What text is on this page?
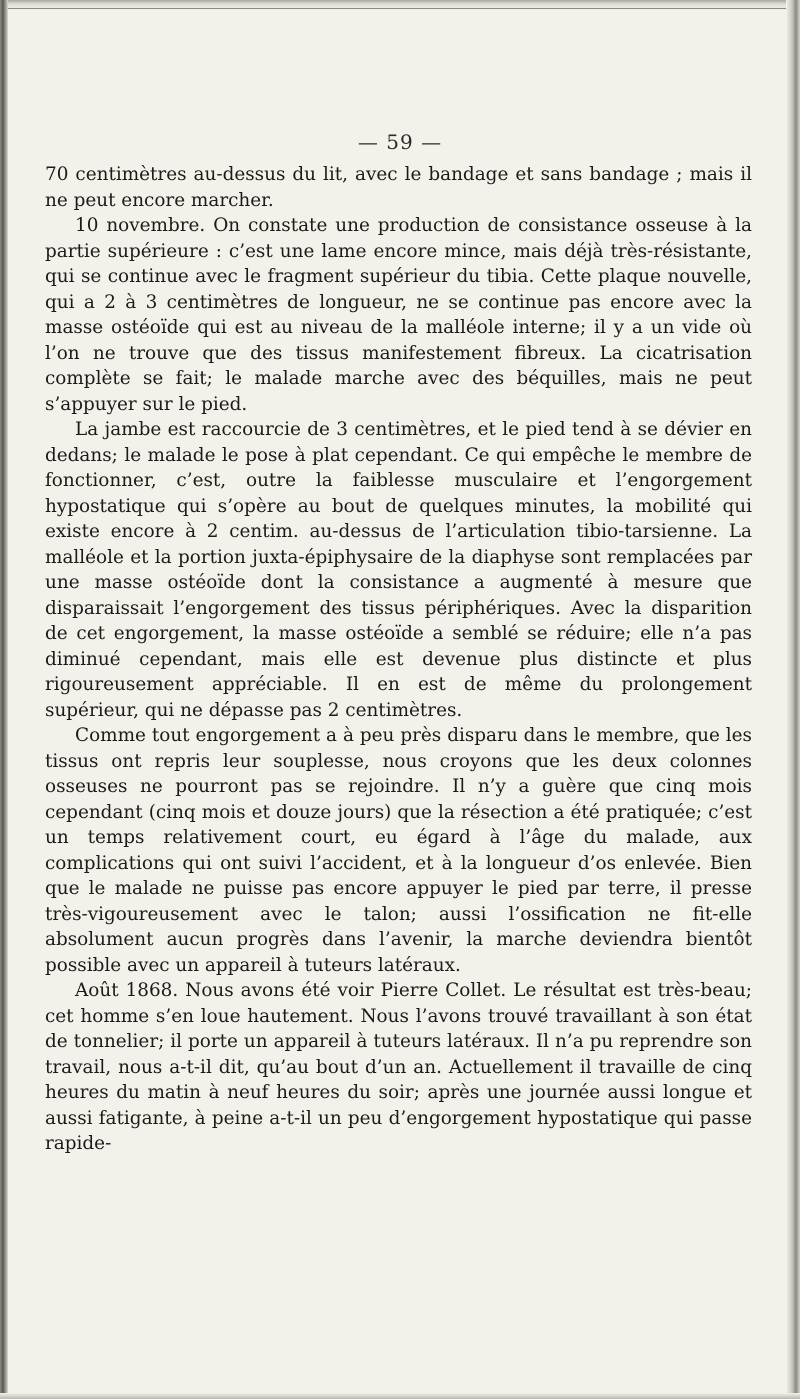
— 59 —

70 centimètres au-dessus du lit, avec le bandage et sans bandage ; mais il ne peut encore marcher.

10 novembre. On constate une production de consistance osseuse à la partie supérieure : c’est une lame encore mince, mais déjà très-résistante, qui se continue avec le fragment supérieur du tibia. Cette plaque nouvelle, qui a 2 à 3 centimètres de longueur, ne se continue pas encore avec la masse ostéoïde qui est au niveau de la malléole interne; il y a un vide où l’on ne trouve que des tissus manifestement fibreux. La cicatrisation complète se fait; le malade marche avec des béquilles, mais ne peut s’appuyer sur le pied.

La jambe est raccourcie de 3 centimètres, et le pied tend à se dévier en dedans; le malade le pose à plat cependant. Ce qui empêche le membre de fonctionner, c’est, outre la faiblesse musculaire et l’engorgement hypostatique qui s’opère au bout de quelques minutes, la mobilité qui existe encore à 2 centim. au-dessus de l’articulation tibio-tarsienne. La malléole et la portion juxta-épiphysaire de la diaphyse sont remplacées par une masse ostéoïde dont la consistance a augmenté à mesure que disparaissait l’engorgement des tissus périphériques. Avec la disparition de cet engorgement, la masse ostéoïde a semblé se réduire; elle n’a pas diminué cependant, mais elle est devenue plus distincte et plus rigoureusement appréciable. Il en est de même du prolongement supérieur, qui ne dépasse pas 2 centimètres.

Comme tout engorgement a à peu près disparu dans le membre, que les tissus ont repris leur souplesse, nous croyons que les deux colonnes osseuses ne pourront pas se rejoindre. Il n’y a guère que cinq mois cependant (cinq mois et douze jours) que la résection a été pratiquée; c’est un temps relativement court, eu égard à l’âge du malade, aux complications qui ont suivi l’accident, et à la longueur d’os enlevée. Bien que le malade ne puisse pas encore appuyer le pied par terre, il presse très-vigoureusement avec le talon; aussi l’ossification ne fit-elle absolument aucun progrès dans l’avenir, la marche deviendra bientôt possible avec un appareil à tuteurs latéraux.

Août 1868. Nous avons été voir Pierre Collet. Le résultat est très-beau; cet homme s’en loue hautement. Nous l’avons trouvé travaillant à son état de tonnelier; il porte un appareil à tuteurs latéraux. Il n’a pu reprendre son travail, nous a-t-il dit, qu’au bout d’un an. Actuellement il travaille de cinq heures du matin à neuf heures du soir; après une journée aussi longue et aussi fatigante, à peine a-t-il un peu d’engorgement hypostatique qui passe rapide-
